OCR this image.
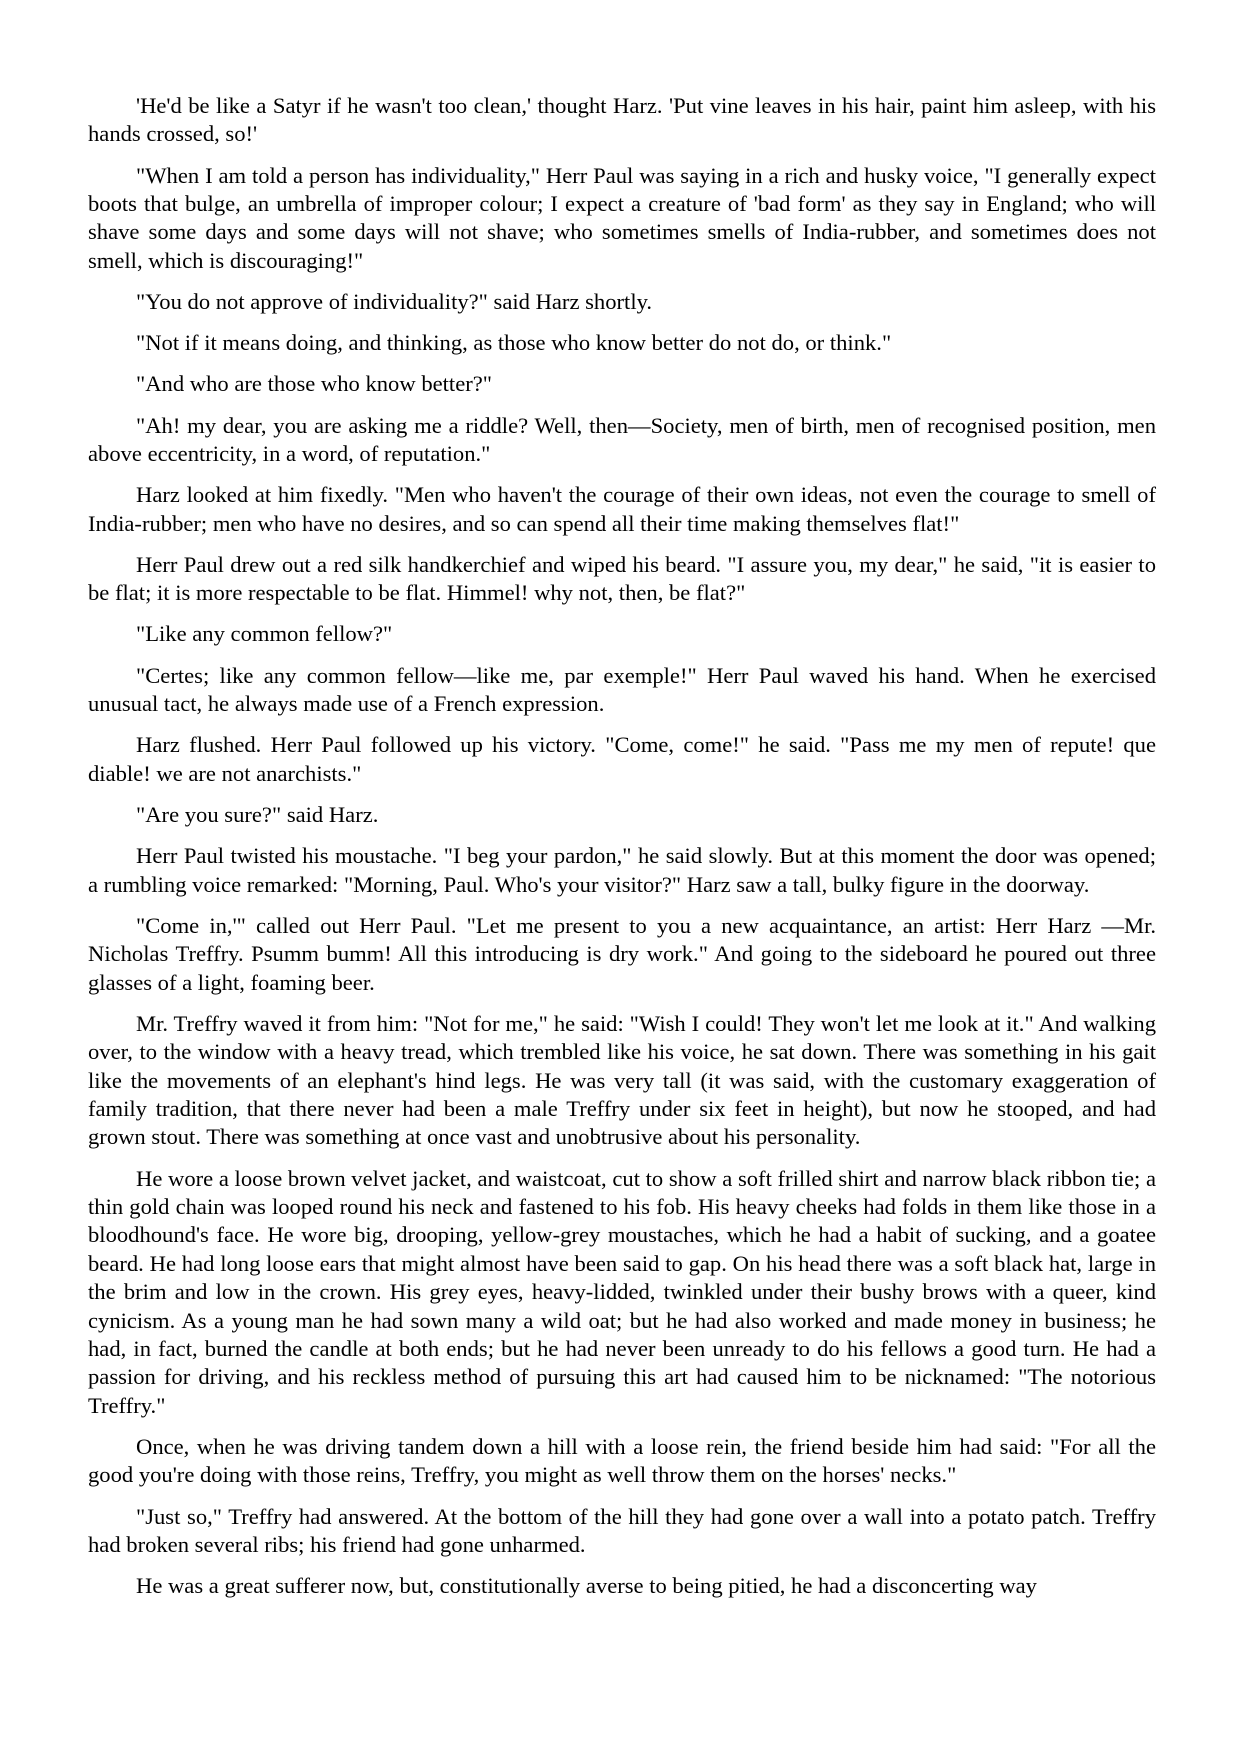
'He'd be like a Satyr if he wasn't too clean,' thought Harz. 'Put vine leaves in his hair, paint him asleep, with his hands crossed, so!'

"When I am told a person has individuality," Herr Paul was saying in a rich and husky voice, "I generally expect boots that bulge, an umbrella of improper colour; I expect a creature of 'bad form' as they say in England; who will shave some days and some days will not shave; who sometimes smells of India-rubber, and sometimes does not smell, which is discouraging!"

"You do not approve of individuality?" said Harz shortly.

"Not if it means doing, and thinking, as those who know better do not do, or think."

"And who are those who know better?"

"Ah! my dear, you are asking me a riddle? Well, then—Society, men of birth, men of recognised position, men above eccentricity, in a word, of reputation."

Harz looked at him fixedly. "Men who haven't the courage of their own ideas, not even the courage to smell of India-rubber; men who have no desires, and so can spend all their time making themselves flat!"

Herr Paul drew out a red silk handkerchief and wiped his beard. "I assure you, my dear," he said, "it is easier to be flat; it is more respectable to be flat. Himmel! why not, then, be flat?"

"Like any common fellow?"

"Certes; like any common fellow—like me, par exemple!" Herr Paul waved his hand. When he exercised unusual tact, he always made use of a French expression.

Harz flushed. Herr Paul followed up his victory. "Come, come!" he said. "Pass me my men of repute! que diable! we are not anarchists."

"Are you sure?" said Harz.

Herr Paul twisted his moustache. "I beg your pardon," he said slowly. But at this moment the door was opened; a rumbling voice remarked: "Morning, Paul. Who's your visitor?" Harz saw a tall, bulky figure in the doorway.

"Come in,'" called out Herr Paul. "Let me present to you a new acquaintance, an artist: Herr Harz —Mr. Nicholas Treffry. Psumm bumm! All this introducing is dry work." And going to the sideboard he poured out three glasses of a light, foaming beer.

Mr. Treffry waved it from him: "Not for me," he said: "Wish I could! They won't let me look at it." And walking over, to the window with a heavy tread, which trembled like his voice, he sat down. There was something in his gait like the movements of an elephant's hind legs. He was very tall (it was said, with the customary exaggeration of family tradition, that there never had been a male Treffry under six feet in height), but now he stooped, and had grown stout. There was something at once vast and unobtrusive about his personality.

He wore a loose brown velvet jacket, and waistcoat, cut to show a soft frilled shirt and narrow black ribbon tie; a thin gold chain was looped round his neck and fastened to his fob. His heavy cheeks had folds in them like those in a bloodhound's face. He wore big, drooping, yellow-grey moustaches, which he had a habit of sucking, and a goatee beard. He had long loose ears that might almost have been said to gap. On his head there was a soft black hat, large in the brim and low in the crown. His grey eyes, heavy-lidded, twinkled under their bushy brows with a queer, kind cynicism. As a young man he had sown many a wild oat; but he had also worked and made money in business; he had, in fact, burned the candle at both ends; but he had never been unready to do his fellows a good turn. He had a passion for driving, and his reckless method of pursuing this art had caused him to be nicknamed: "The notorious Treffry."

Once, when he was driving tandem down a hill with a loose rein, the friend beside him had said: "For all the good you're doing with those reins, Treffry, you might as well throw them on the horses' necks."

"Just so," Treffry had answered. At the bottom of the hill they had gone over a wall into a potato patch. Treffry had broken several ribs; his friend had gone unharmed.

He was a great sufferer now, but, constitutionally averse to being pitied, he had a disconcerting way
